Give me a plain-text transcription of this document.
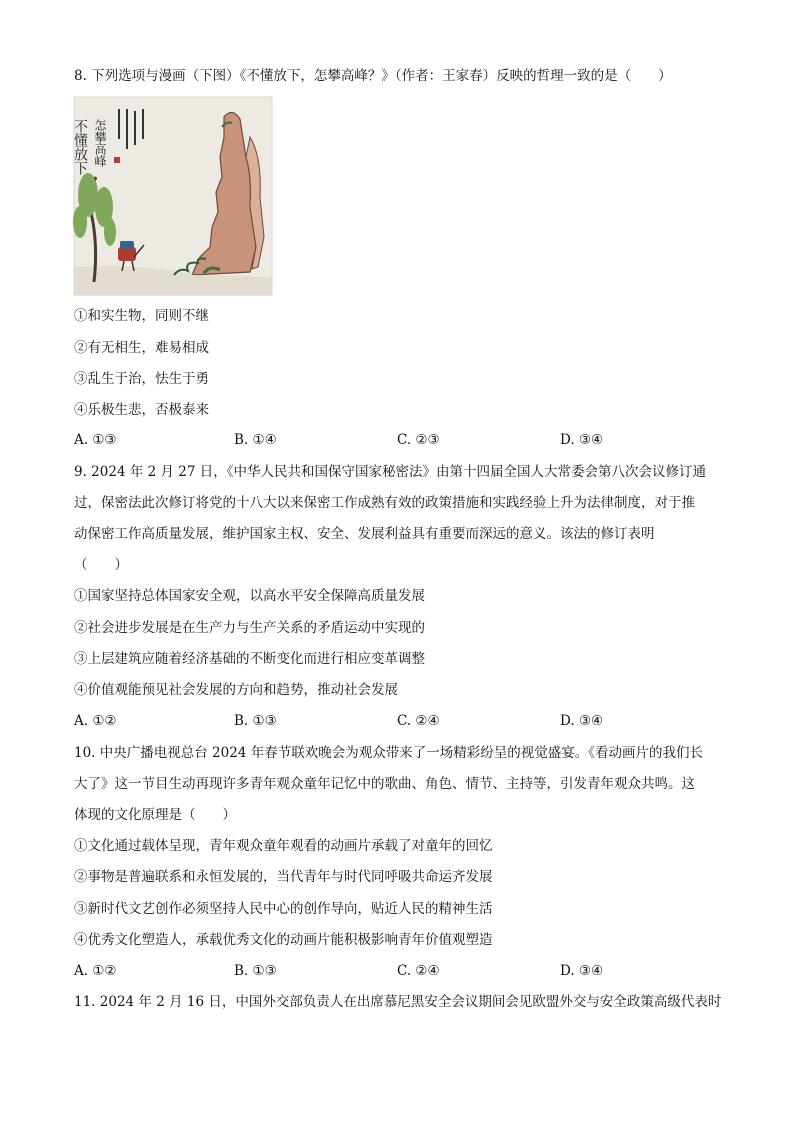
8. 下列选项与漫画（下图）《不懂放下，怎攀高峰？》（作者：王家春）反映的哲理一致的是（　　）
不懂放下 怎攀高峰
①和实生物，同则不继
②有无相生，难易相成
③乱生于治，怯生于勇
④乐极生悲，否极泰来
A. ①③	B. ①④	C. ②③	D. ③④
9. 2024 年 2 月 27 日，《中华人民共和国保守国家秘密法》由第十四届全国人大常委会第八次会议修订通
过，保密法此次修订将党的十八大以来保密工作成熟有效的政策措施和实践经验上升为法律制度，对于推
动保密工作高质量发展，维护国家主权、安全、发展利益具有重要而深远的意义。该法的修订表明
（　　）
①国家坚持总体国家安全观，以高水平安全保障高质量发展
②社会进步发展是在生产力与生产关系的矛盾运动中实现的
③上层建筑应随着经济基础的不断变化而进行相应变革调整
④价值观能预见社会发展的方向和趋势，推动社会发展
A. ①②	B. ①③	C. ②④	D. ③④
10. 中央广播电视总台 2024 年春节联欢晚会为观众带来了一场精彩纷呈的视觉盛宴。《看动画片的我们长
大了》这一节目生动再现许多青年观众童年记忆中的歌曲、角色、情节、主持等，引发青年观众共鸣。这
体现的文化原理是（　　）
①文化通过载体呈现，青年观众童年观看的动画片承载了对童年的回忆
②事物是普遍联系和永恒发展的，当代青年与时代同呼吸共命运齐发展
③新时代文艺创作必须坚持人民中心的创作导向，贴近人民的精神生活
④优秀文化塑造人，承载优秀文化的动画片能积极影响青年价值观塑造
A. ①②	B. ①③	C. ②④	D. ③④
11. 2024 年 2 月 16 日，中国外交部负责人在出席慕尼黑安全会议期间会见欧盟外交与安全政策高级代表时
